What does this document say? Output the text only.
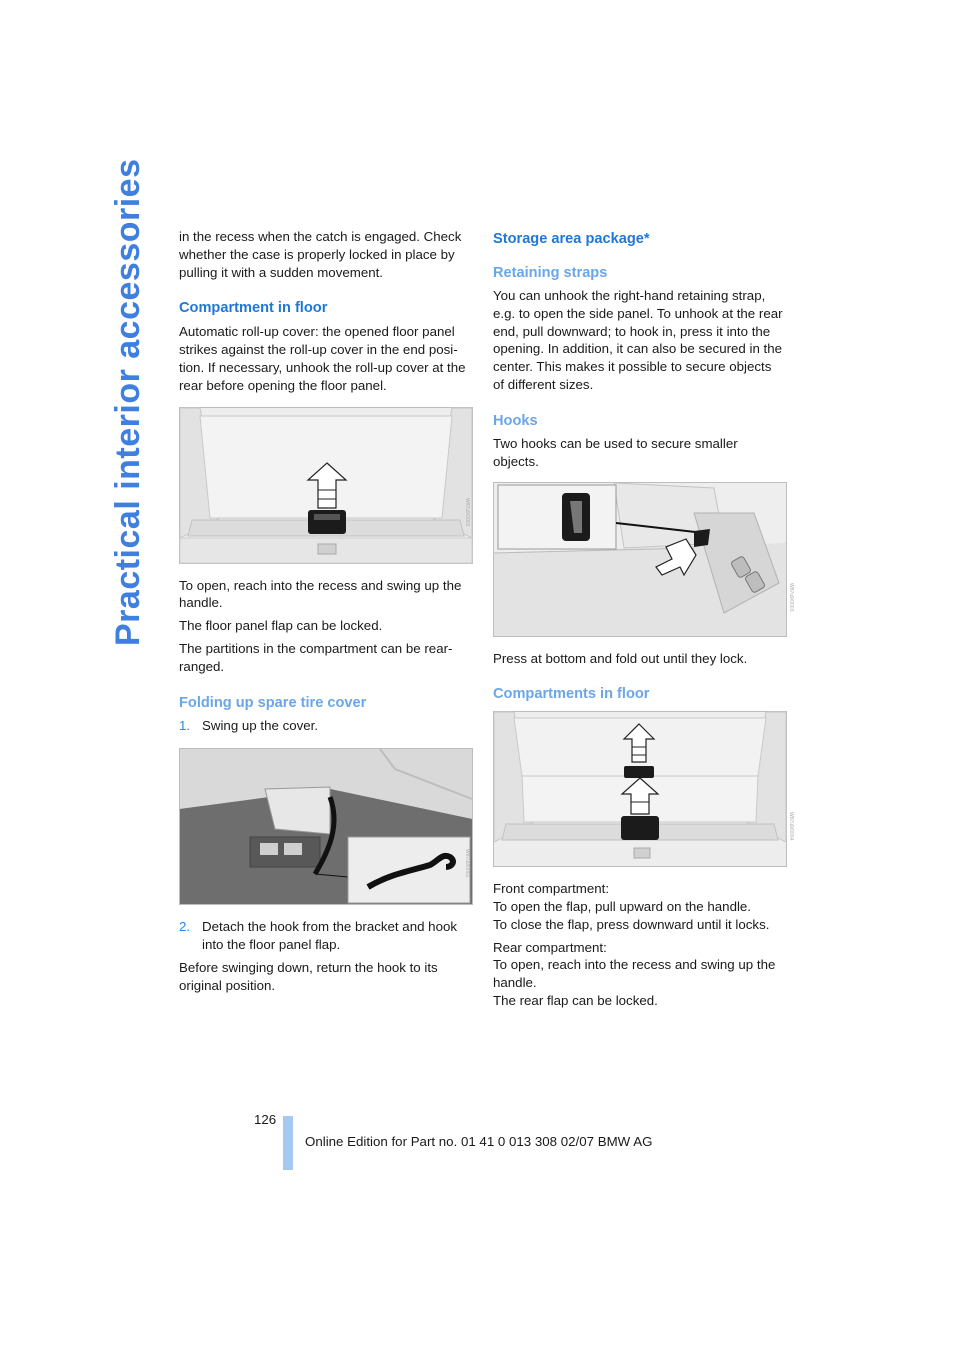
Practical interior accessories in the recess when the catch is engaged. Check whether the case is properly locked in place by pulling it with a sudden movement.

Compartment in floor

Automatic roll-up cover: the opened floor panel strikes against the roll-up cover in the end posi-tion. If necessary, unhook the roll-up cover at the rear before opening the floor panel.

W87u9/0001

To open, reach into the recess and swing up the handle.

The floor panel flap can be locked.

The partitions in the compartment can be rear-ranged.

Folding up spare tire cover
1. Swing up the cover.
W87u9/0002
2. Detach the hook from the bracket and hook into the floor panel flap.

Before swinging down, return the hook to its original position.

Storage area package*
Retaining straps

You can unhook the right-hand retaining strap, e.g. to open the side panel. To unhook at the rear end, pull downward; to hook in, press it into the opening. In addition, it can also be secured in the center. This makes it possible to secure objects of different sizes.

Hooks

Two hooks can be used to secure smaller objects.

W87u9/0003

Press at bottom and fold out until they lock.

Compartments in floor
W87u9/0004

Front compartment:

To open the flap, pull upward on the handle.

To close the flap, press downward until it locks.

Rear compartment:

To open, reach into the recess and swing up the handle.

The rear flap can be locked.

126
Online Edition for Part no. 01 41 0 013 308 02/07 BMW AG
